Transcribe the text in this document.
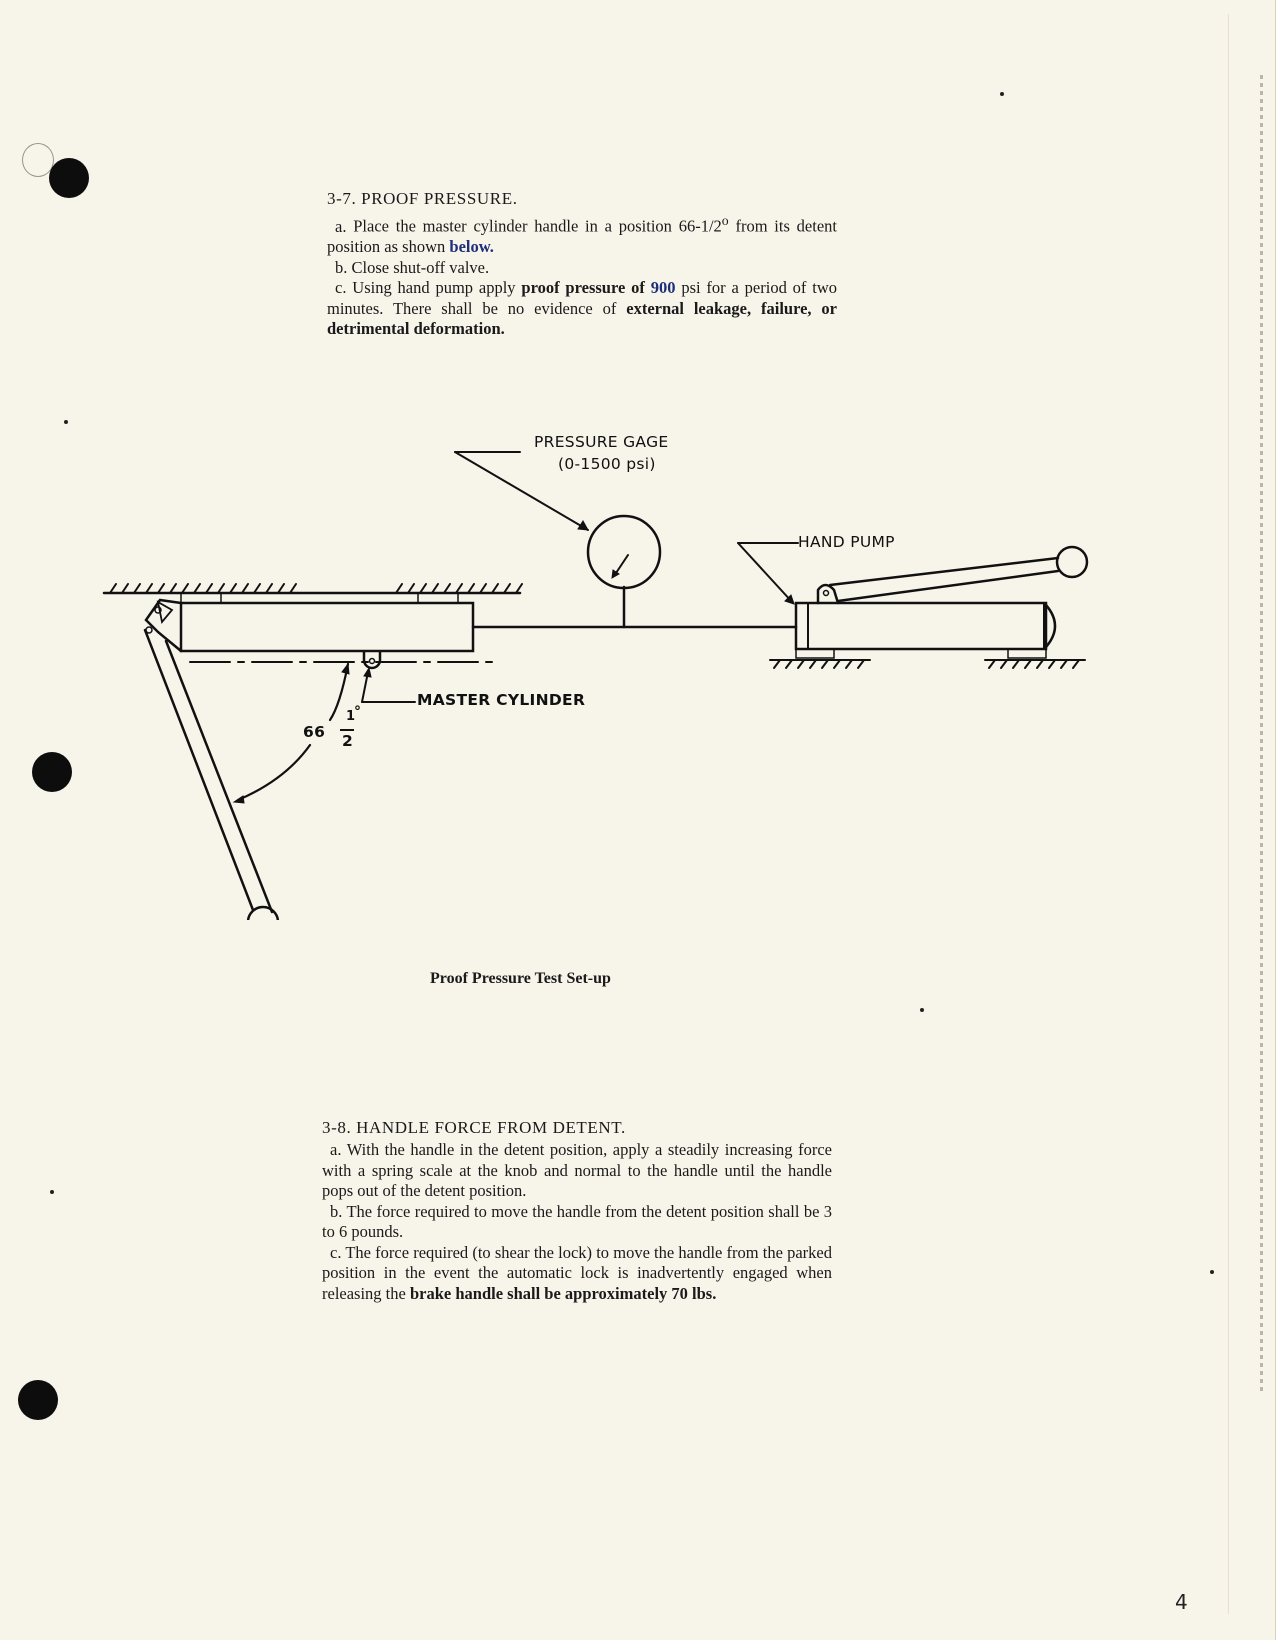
3-7. PROOF PRESSURE.

a. Place the master cylinder handle in a position 66-1/2$^o$ from its detent position as shown below.

b. Close shut-off valve.

c. Using hand pump apply proof pressure of 900 psi for a period of two minutes. There shall be no evidence of external leakage, failure, or detrimental deformation.

PRESSURE GAGE
(0-1500 psi)
HAND PUMP
MASTER CYLINDER
66
1
°
2
Proof Pressure Test Set-up

3-8. HANDLE FORCE FROM DETENT.

a. With the handle in the detent position, apply a steadily increasing force with a spring scale at the knob and normal to the handle until the handle pops out of the detent position.

b. The force required to move the handle from the detent position shall be 3 to 6 pounds.

c. The force required (to shear the lock) to move the handle from the parked position in the event the automatic lock is inadvertently engaged when releasing the brake handle shall be approximately 70 lbs.

4
